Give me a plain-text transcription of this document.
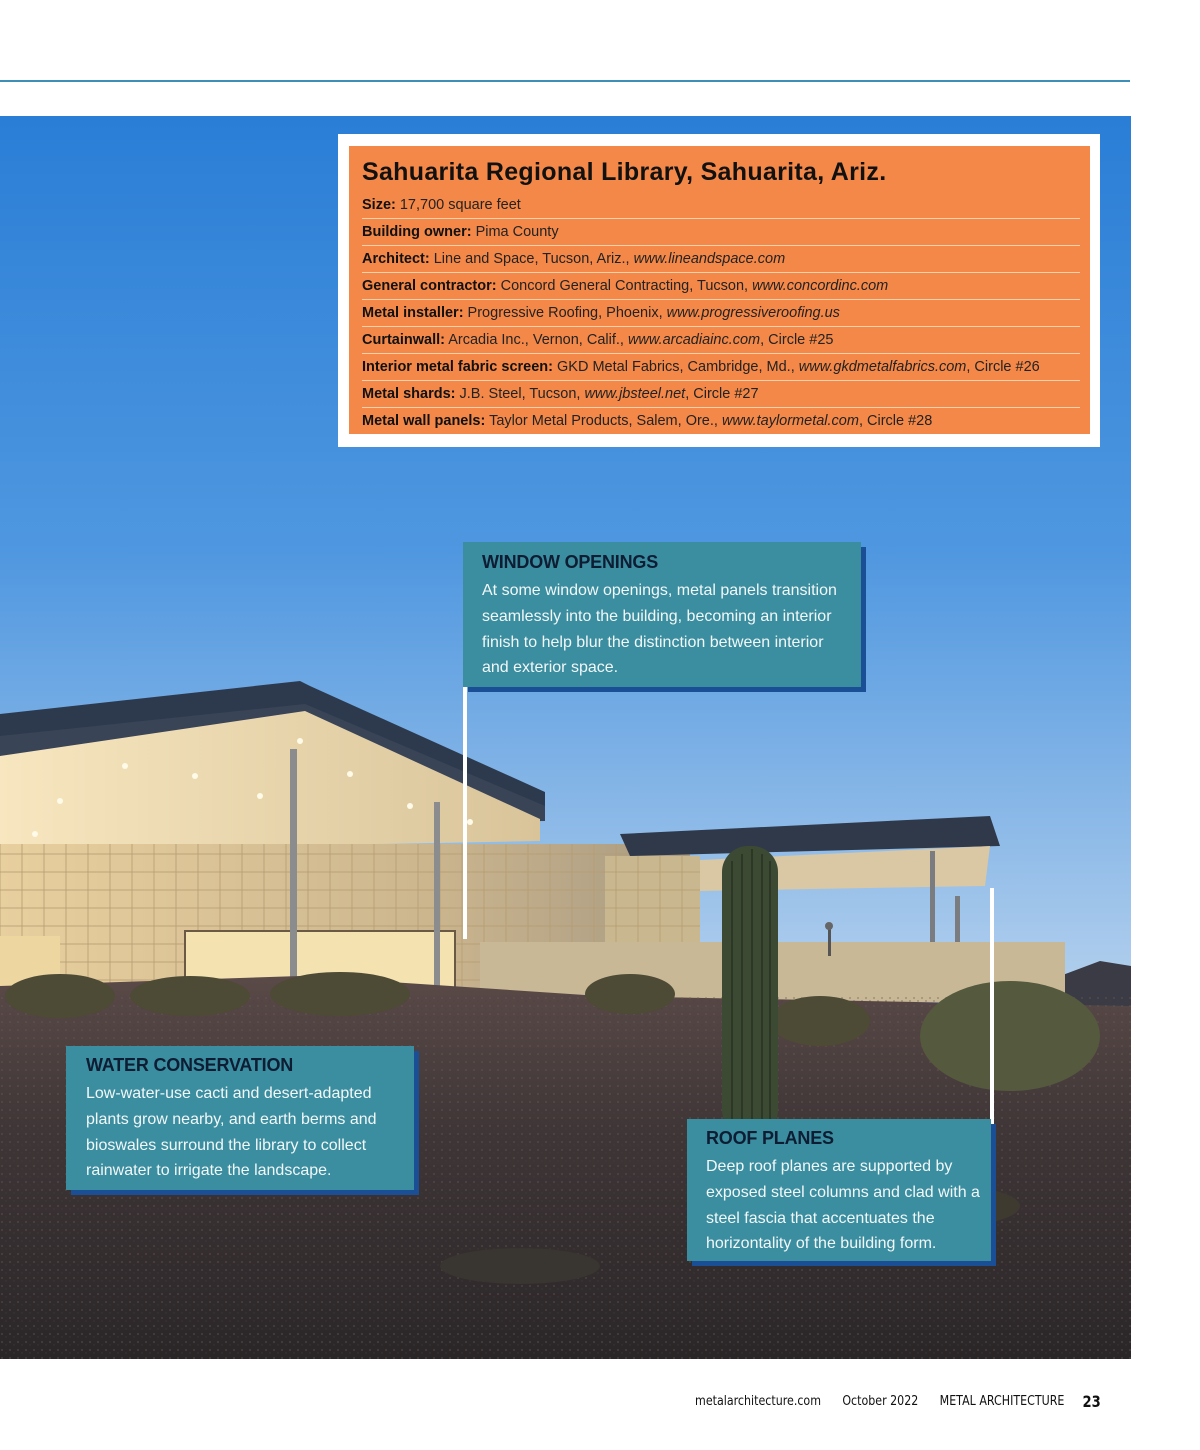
Sahuarita Regional Library, Sahuarita, Ariz.
Size: 17,700 square feet
Building owner: Pima County
Architect: Line and Space, Tucson, Ariz., www.lineandspace.com
General contractor: Concord General Contracting, Tucson, www.concordinc.com
Metal installer: Progressive Roofing, Phoenix, www.progressiveroofing.us
Curtainwall: Arcadia Inc., Vernon, Calif., www.arcadiainc.com, Circle #25
Interior metal fabric screen: GKD Metal Fabrics, Cambridge, Md., www.gkdmetalfabrics.com, Circle #26
Metal shards: J.B. Steel, Tucson, www.jbsteel.net, Circle #27
Metal wall panels: Taylor Metal Products, Salem, Ore., www.taylormetal.com, Circle #28
WINDOW OPENINGS
At some window openings, metal panels transition seamlessly into the building, becoming an interior finish to help blur the distinction between interior and exterior space.
WATER CONSERVATION
Low-water-use cacti and desert-adapted plants grow nearby, and earth berms and bioswales surround the library to collect rainwater to irrigate the landscape.
ROOF PLANES
Deep roof planes are supported by exposed steel columns and clad with a steel fascia that accentuates the horizontality of the building form.
metalarchitecture.com October 2022 METAL ARCHITECTURE 23
